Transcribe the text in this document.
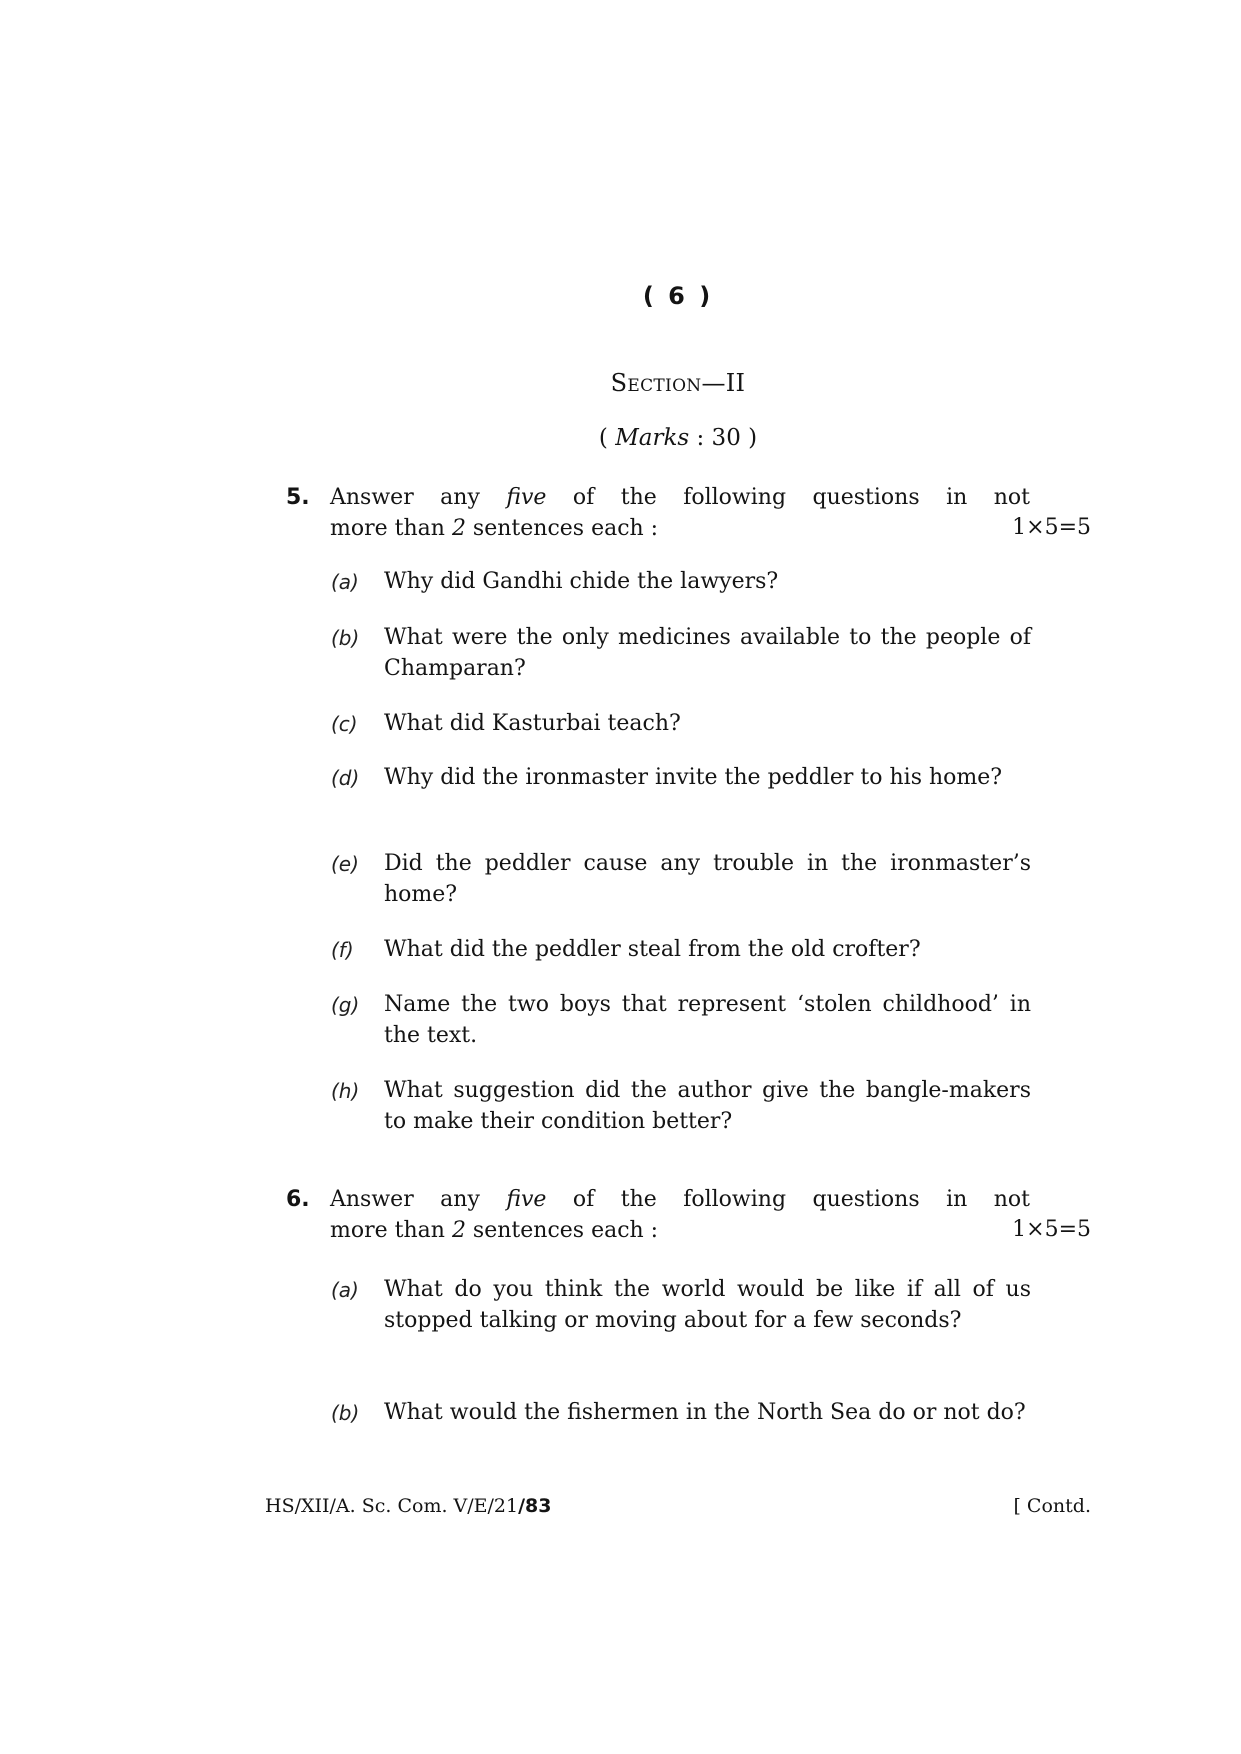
( 6 )
Section—II
( Marks : 30 )
5. Answer any five of the following questions in not
more than 2 sentences each :	1×5=5
(a) Why did Gandhi chide the lawyers?
(b) What were the only medicines available to the people of Champaran?
(c) What did Kasturbai teach?
(d) Why did the ironmaster invite the peddler to his home?
(e) Did the peddler cause any trouble in the ironmaster’s home?
(f) What did the peddler steal from the old crofter?
(g) Name the two boys that represent ‘stolen childhood’ in the text.
(h) What suggestion did the author give the bangle-makers to make their condition better?
6. Answer any five of the following questions in not
more than 2 sentences each :	1×5=5
(a) What do you think the world would be like if all of us stopped talking or moving about for a few seconds?
(b) What would the fishermen in the North Sea do or not do?
HS/XII/A. Sc. Com. V/E/21/83	[ Contd.
